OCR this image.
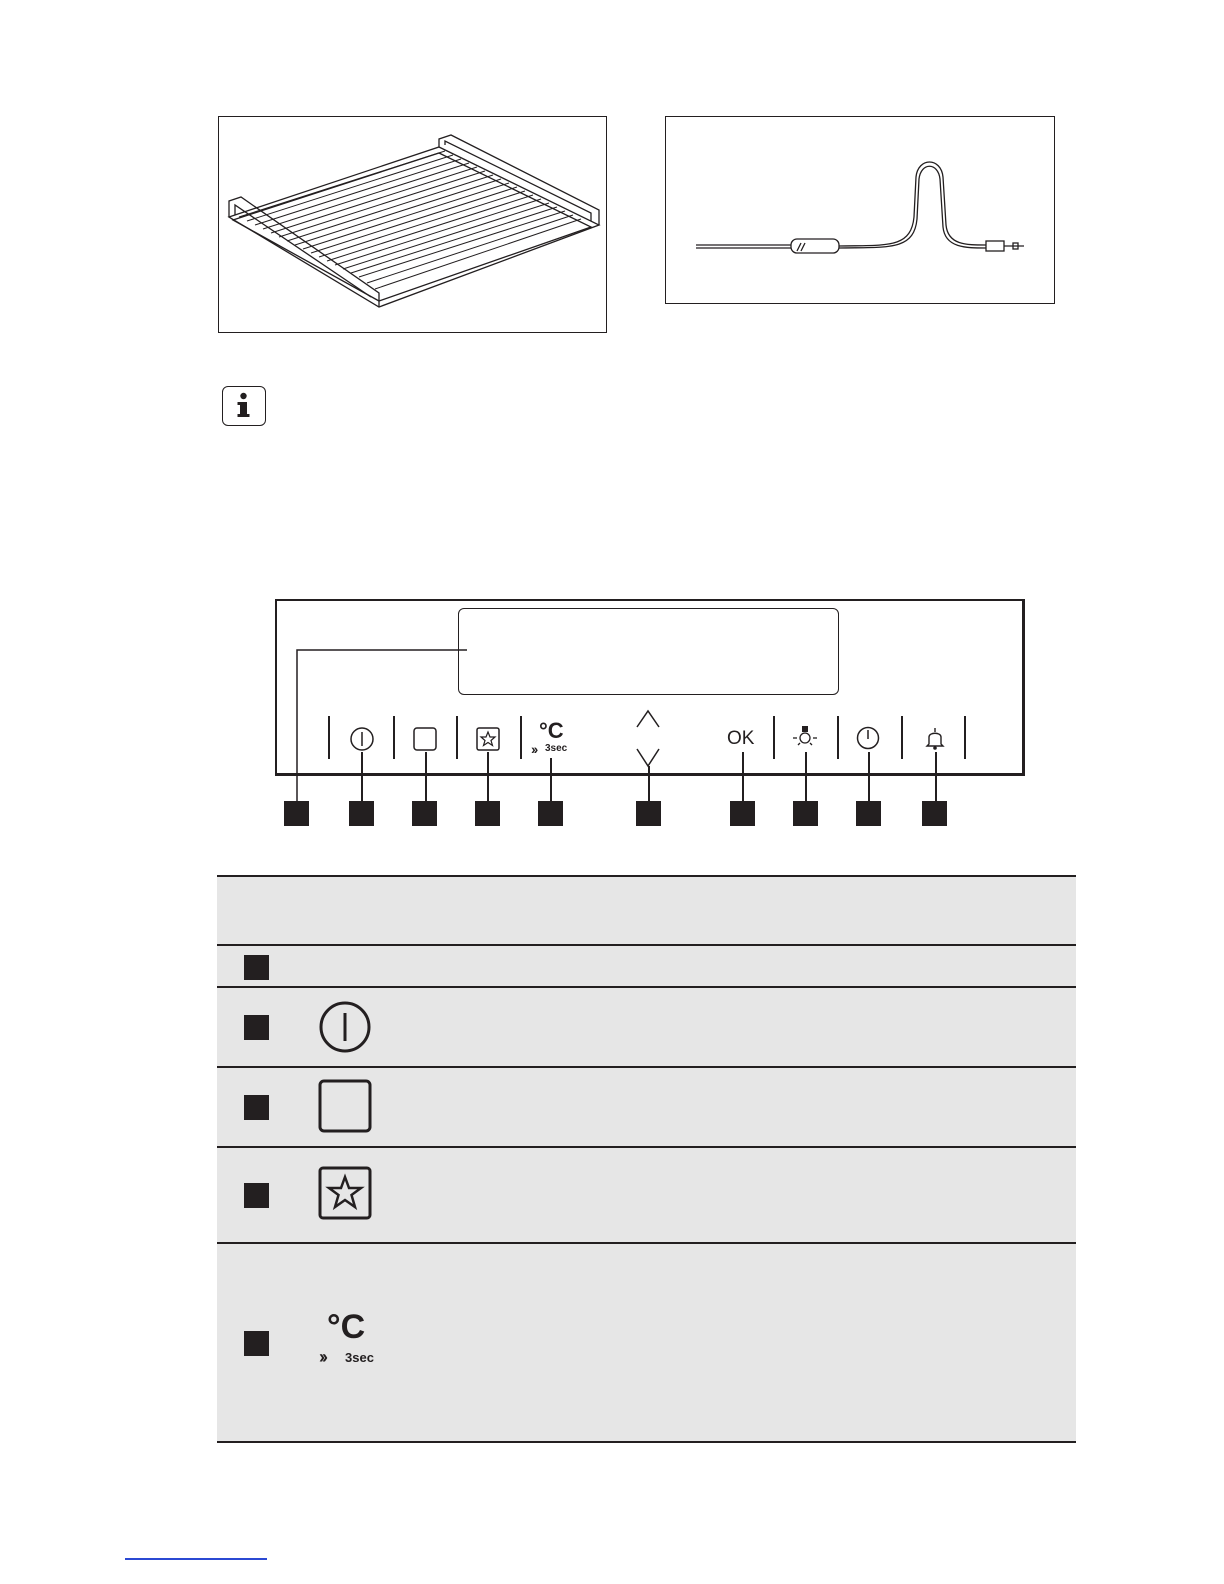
°C
›› 3sec	OK
°C
›› 3sec
